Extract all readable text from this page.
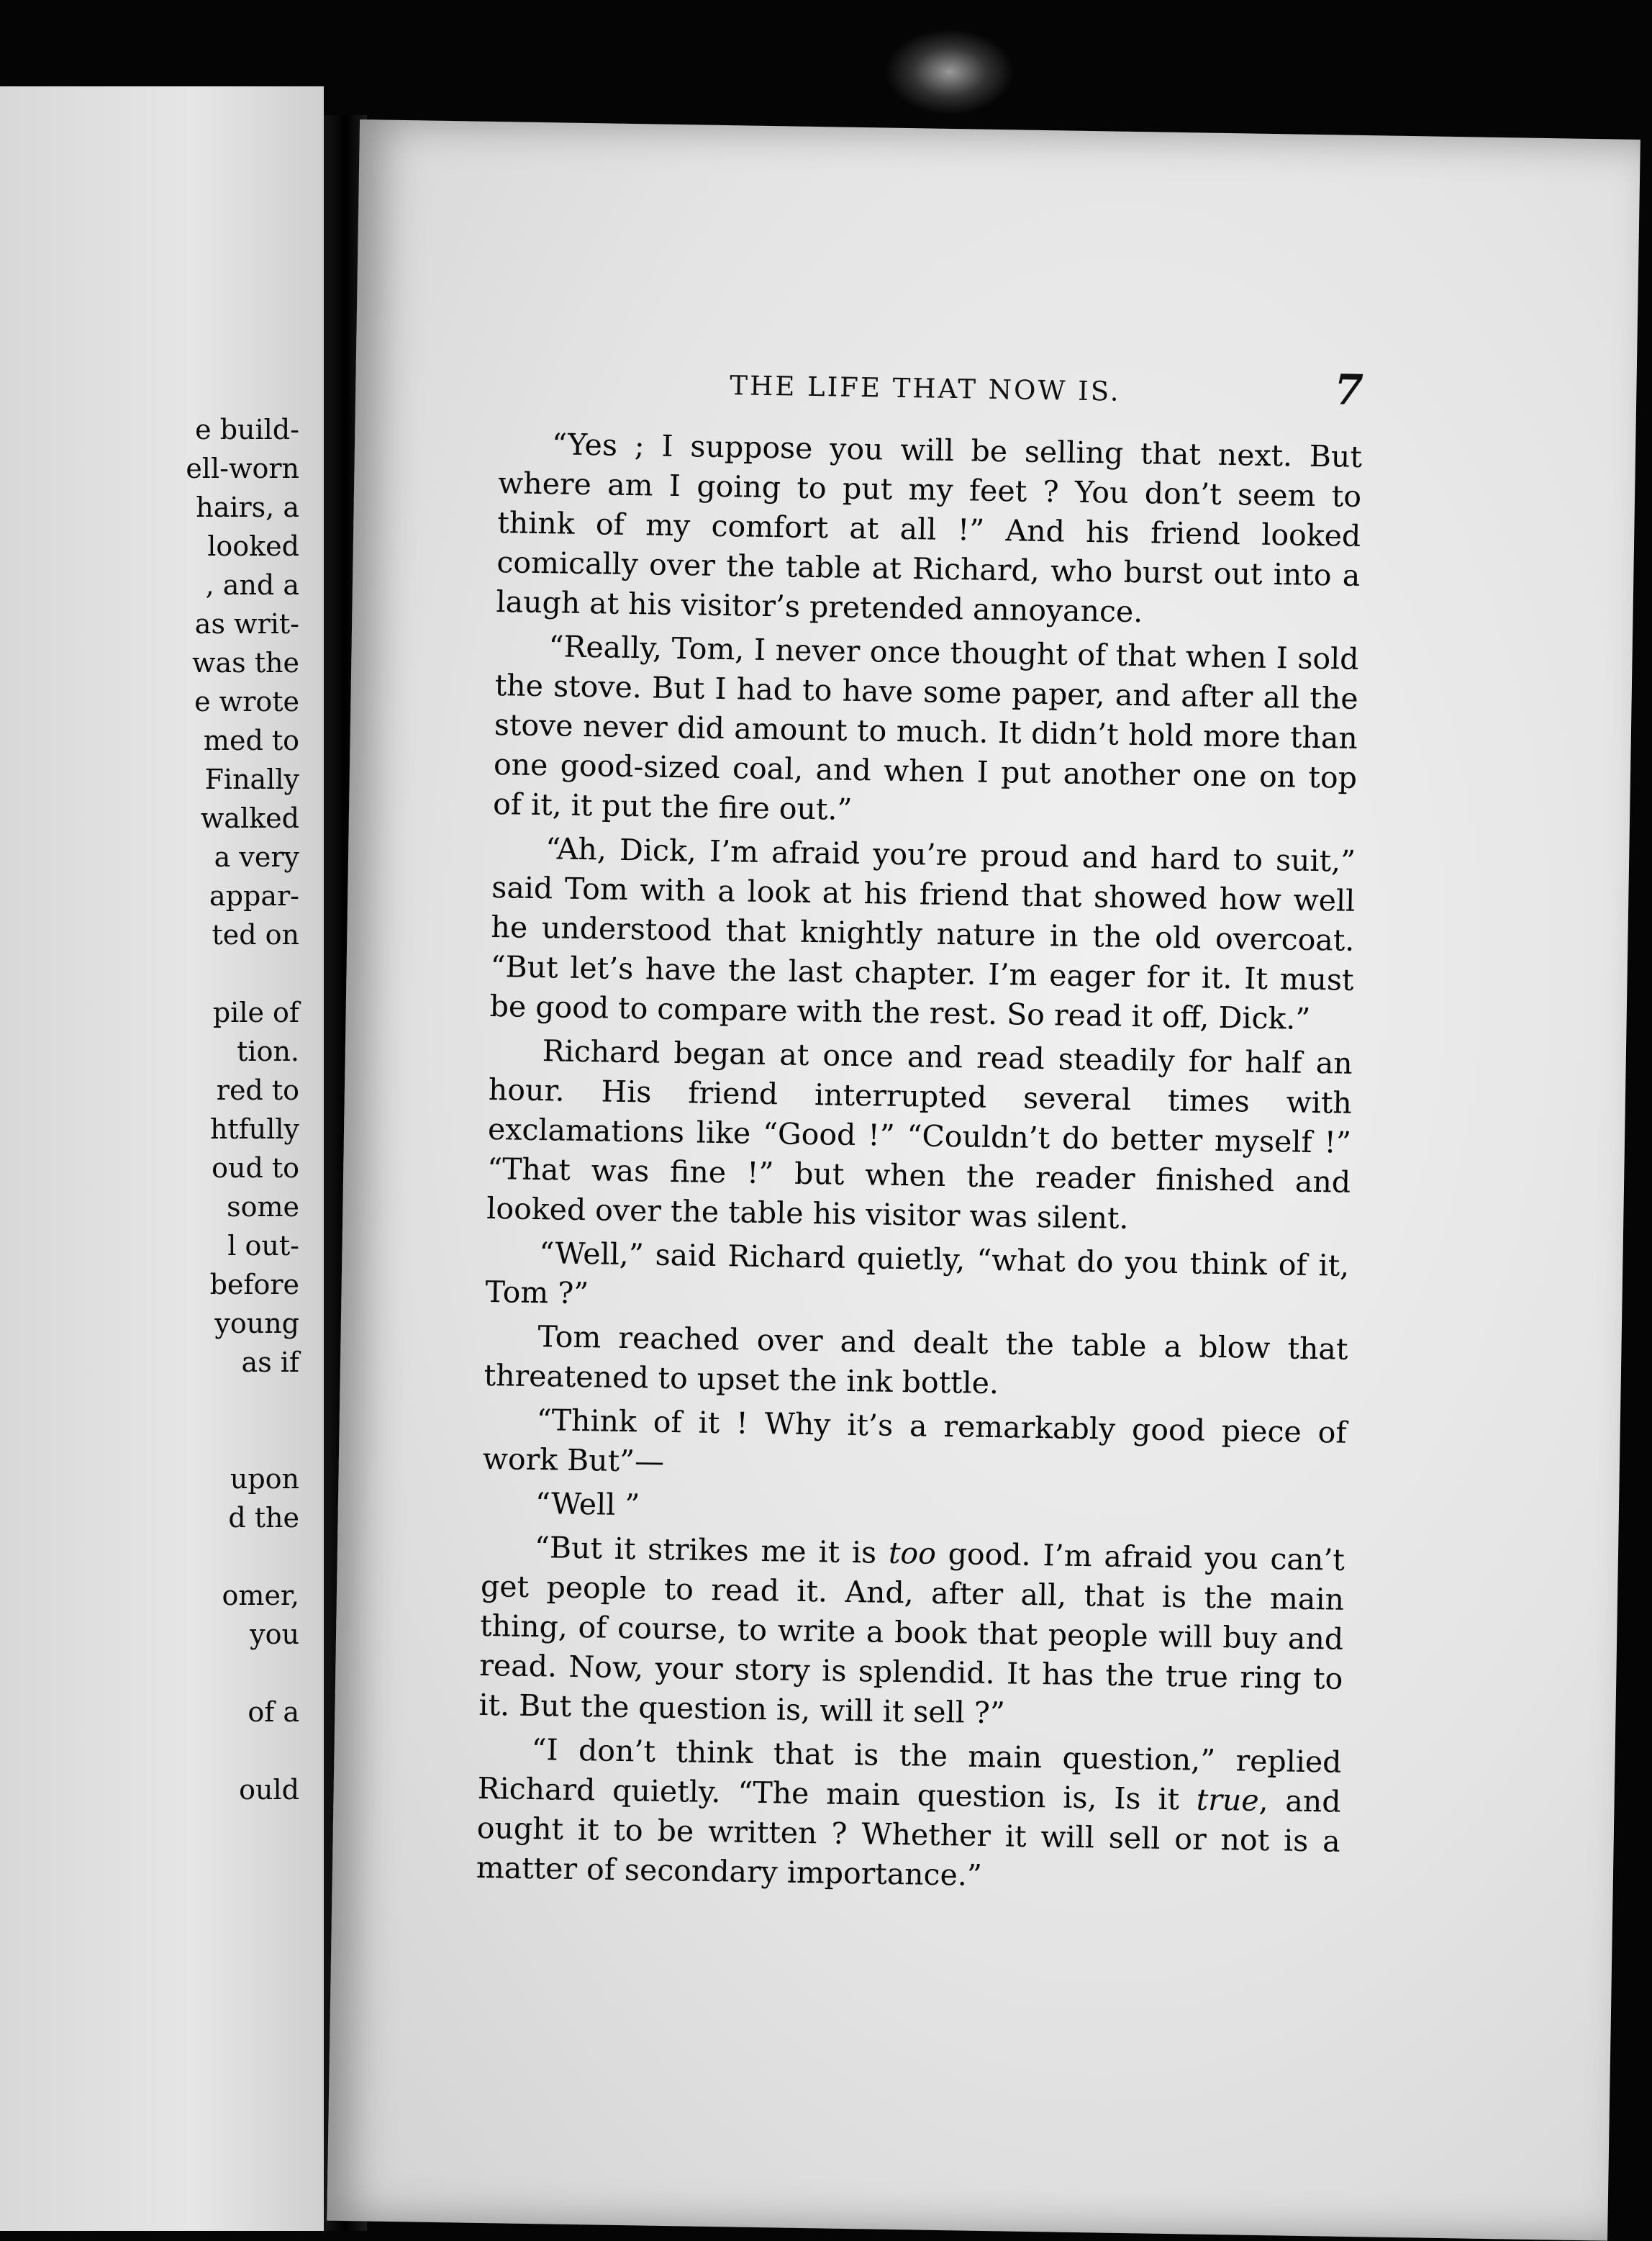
e build-
ell-worn
hairs, a
looked
, and a
as writ-
was the
e wrote
med to
Finally
walked
a very
appar-
ted on
pile of
tion.
red to
htfully
oud to
some
l out-
before
young
as if
upon
d the
omer,
you
of a
ould
THE LIFE THAT NOW IS.	7

“Yes ; I suppose you will be selling that next. But where am I going to put my feet ? You don’t seem to think of my comfort at all !” And his friend looked comically over the table at Richard, who burst out into a laugh at his visitor’s pretended annoyance.

“Really, Tom, I never once thought of that when I sold the stove. But I had to have some paper, and after all the stove never did amount to much. It didn’t hold more than one good-sized coal, and when I put another one on top of it, it put the fire out.”

“Ah, Dick, I’m afraid you’re proud and hard to suit,” said Tom with a look at his friend that showed how well he understood that knightly nature in the old overcoat. “But let’s have the last chapter. I’m eager for it. It must be good to compare with the rest. So read it off, Dick.”

Richard began at once and read steadily for half an hour. His friend interrupted several times with exclamations like “Good !” “Couldn’t do better myself !” “That was fine !” but when the reader finished and looked over the table his visitor was silent.

“Well,” said Richard quietly, “what do you think of it, Tom ?”

Tom reached over and dealt the table a blow that threatened to upset the ink bottle.

“Think of it ! Why it’s a remarkably good piece of work But”—

“Well ”

“But it strikes me it is too good. I’m afraid you can’t get people to read it. And, after all, that is the main thing, of course, to write a book that people will buy and read. Now, your story is splendid. It has the true ring to it. But the question is, will it sell ?”

“I don’t think that is the main question,” replied Richard quietly. “The main question is, Is it true, and ought it to be written ? Whether it will sell or not is a matter of secondary importance.”
